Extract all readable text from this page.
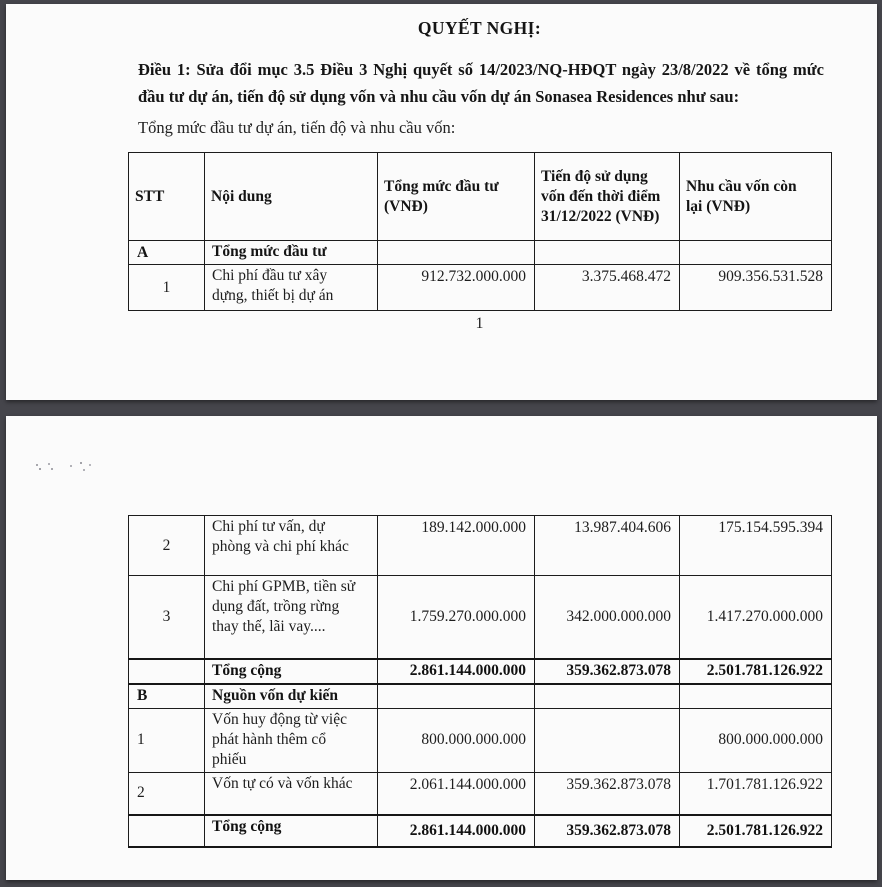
QUYẾT NGHỊ:
Điều 1: Sửa đổi mục 3.5 Điều 3 Nghị quyết số 14/2023/NQ-HĐQT ngày 23/8/2022 về tổng mức đầu tư dự án, tiến độ sử dụng vốn và nhu cầu vốn dự án Sonasea Residences như sau:
Tổng mức đầu tư dự án, tiến độ và nhu cầu vốn:
STT	Nội dung	Tổng mức đầu tư (VNĐ)	Tiến độ sử dụng vốn đến thời điểm 31/12/2022 (VNĐ)	Nhu cầu vốn còn lại (VNĐ)
A	Tổng mức đầu tư			
1	Chi phí đầu tư xây dựng, thiết bị dự án	912.732.000.000	3.375.468.472	909.356.531.528
1
2	Chi phí tư vấn, dự phòng và chi phí khác	189.142.000.000	13.987.404.606	175.154.595.394
3	Chi phí GPMB, tiền sử dụng đất, trồng rừng thay thế, lãi vay....	1.759.270.000.000	342.000.000.000	1.417.270.000.000
	Tổng cộng	2.861.144.000.000	359.362.873.078	2.501.781.126.922
B	Nguồn vốn dự kiến			
1	Vốn huy động từ việc phát hành thêm cổ phiếu	800.000.000.000		800.000.000.000
2	Vốn tự có và vốn khác	2.061.144.000.000	359.362.873.078	1.701.781.126.922
	Tổng cộng	2.861.144.000.000	359.362.873.078	2.501.781.126.922
